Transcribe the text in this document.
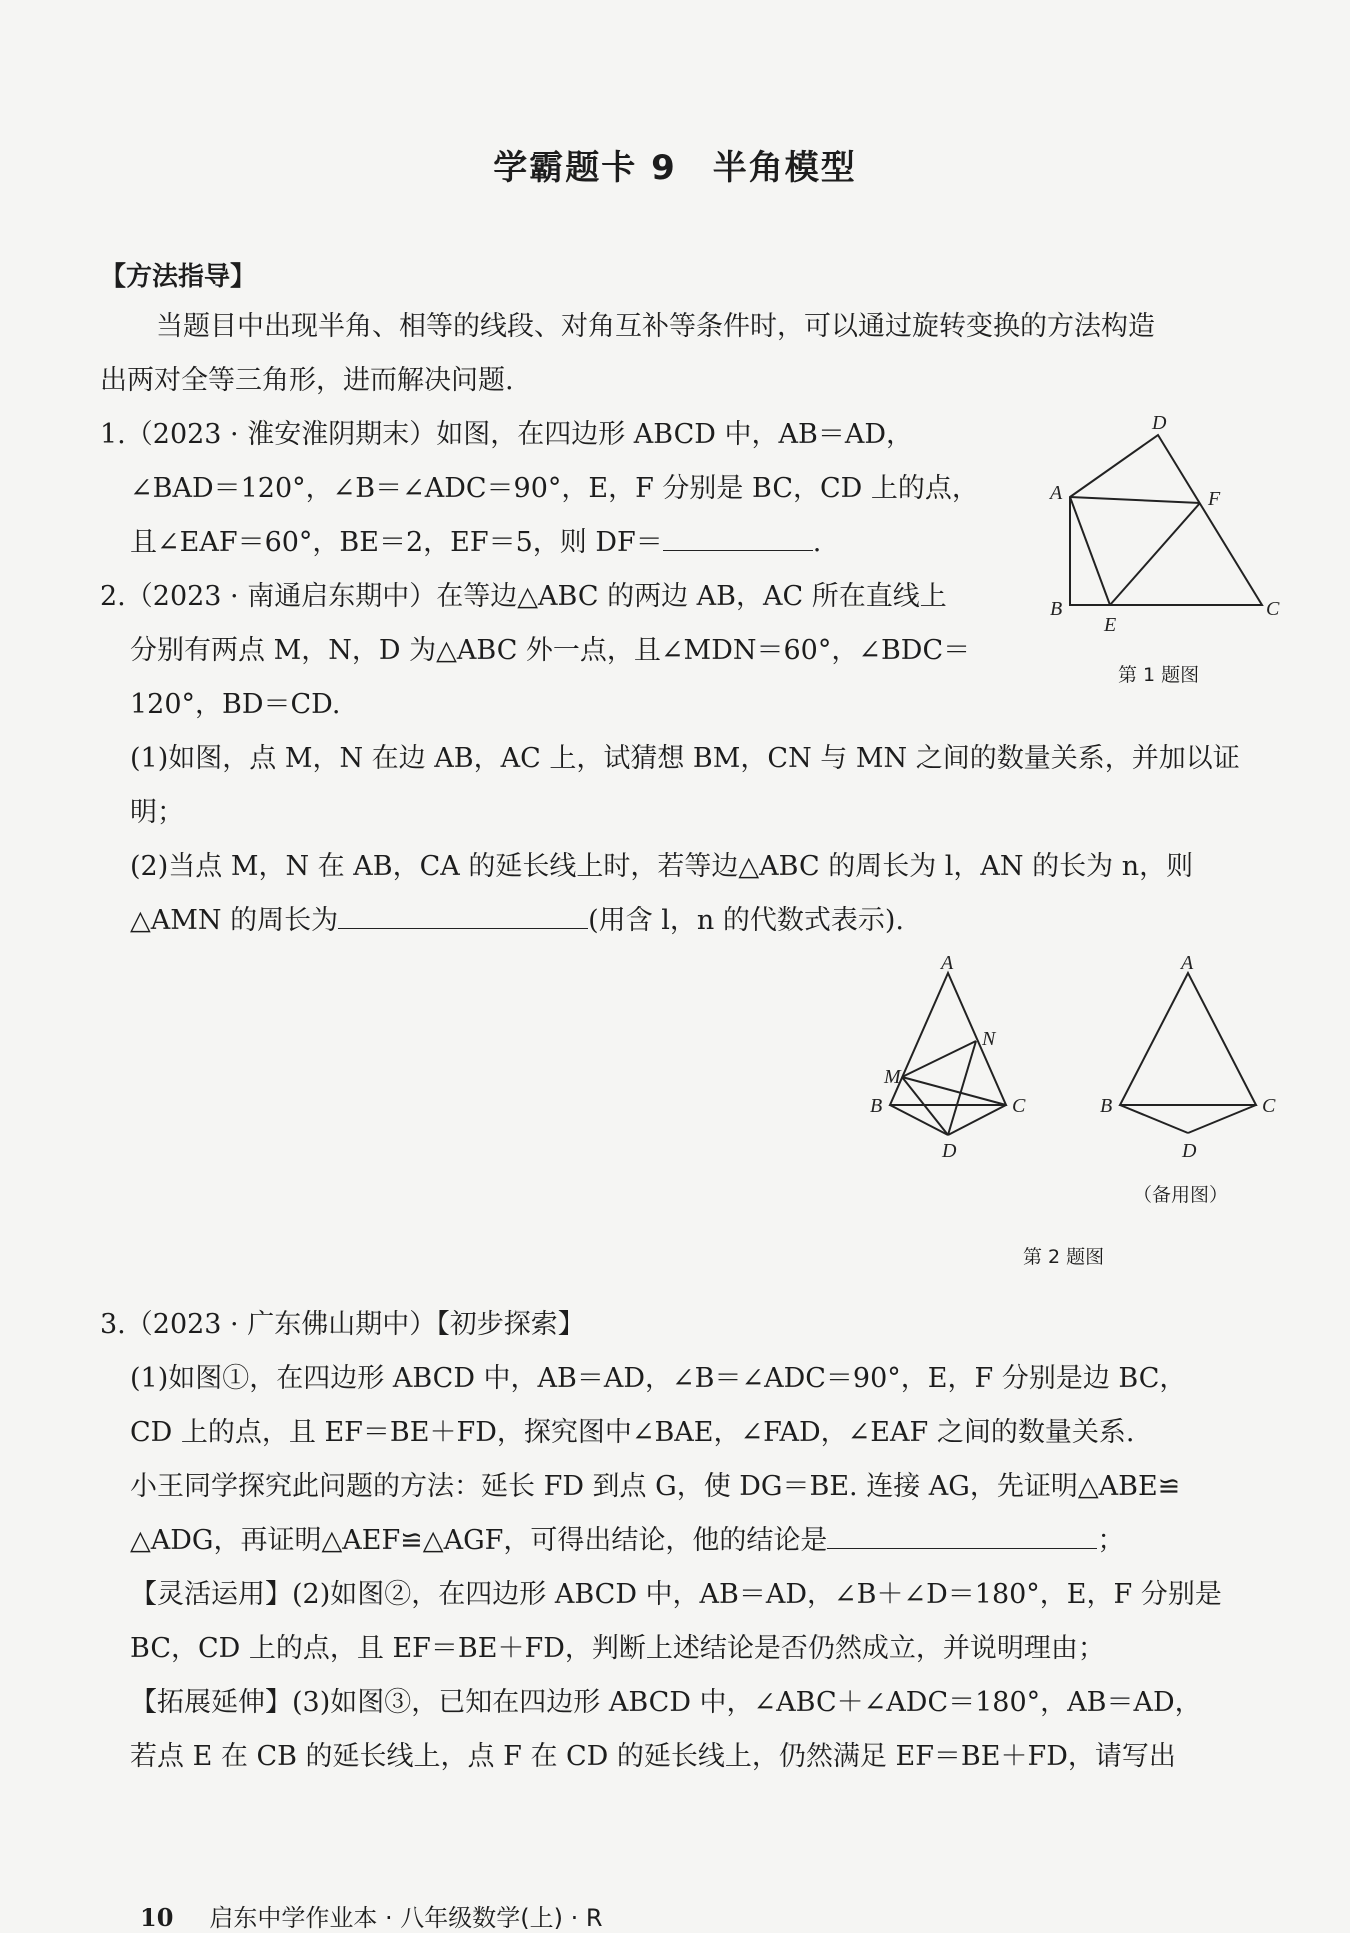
学霸题卡 9　半角模型
【方法指导】

当题目中出现半角、相等的线段、对角互补等条件时，可以通过旋转变换的方法构造

出两对全等三角形，进而解决问题.

1.（2023 · 淮安淮阴期末）如图，在四边形 ABCD 中，AB＝AD，

∠BAD＝120°，∠B＝∠ADC＝90°，E，F 分别是 BC，CD 上的点，

且∠EAF＝60°，BE＝2，EF＝5，则 DF＝	.

D
A	F
B
E
C
第 1 题图

2.（2023 · 南通启东期中）在等边△ABC 的两边 AB，AC 所在直线上

分别有两点 M，N，D 为△ABC 外一点，且∠MDN＝60°，∠BDC＝

120°，BD＝CD.

(1)如图，点 M，N 在边 AB，AC 上，试猜想 BM，CN 与 MN 之间的数量关系，并加以证

明；

(2)当点 M，N 在 AB，CA 的延长线上时，若等边△ABC 的周长为 l，AN 的长为 n，则

△AMN 的周长为	(用含 l，n 的代数式表示).

A
N
M
B	C
D
A
B	C
D
（备用图）
第 2 题图

3.（2023 · 广东佛山期中）【初步探索】

(1)如图①，在四边形 ABCD 中，AB＝AD，∠B＝∠ADC＝90°，E，F 分别是边 BC，

CD 上的点，且 EF＝BE＋FD，探究图中∠BAE，∠FAD，∠EAF 之间的数量关系.

小王同学探究此问题的方法：延长 FD 到点 G，使 DG＝BE. 连接 AG，先证明△ABE≌

△ADG，再证明△AEF≌△AGF，可得出结论，他的结论是	；

【灵活运用】(2)如图②，在四边形 ABCD 中，AB＝AD，∠B＋∠D＝180°，E，F 分别是

BC，CD 上的点，且 EF＝BE＋FD，判断上述结论是否仍然成立，并说明理由；

【拓展延伸】(3)如图③，已知在四边形 ABCD 中，∠ABC＋∠ADC＝180°，AB＝AD，

若点 E 在 CB 的延长线上，点 F 在 CD 的延长线上，仍然满足 EF＝BE＋FD，请写出

10 启东中学作业本 · 八年级数学(上) · R
